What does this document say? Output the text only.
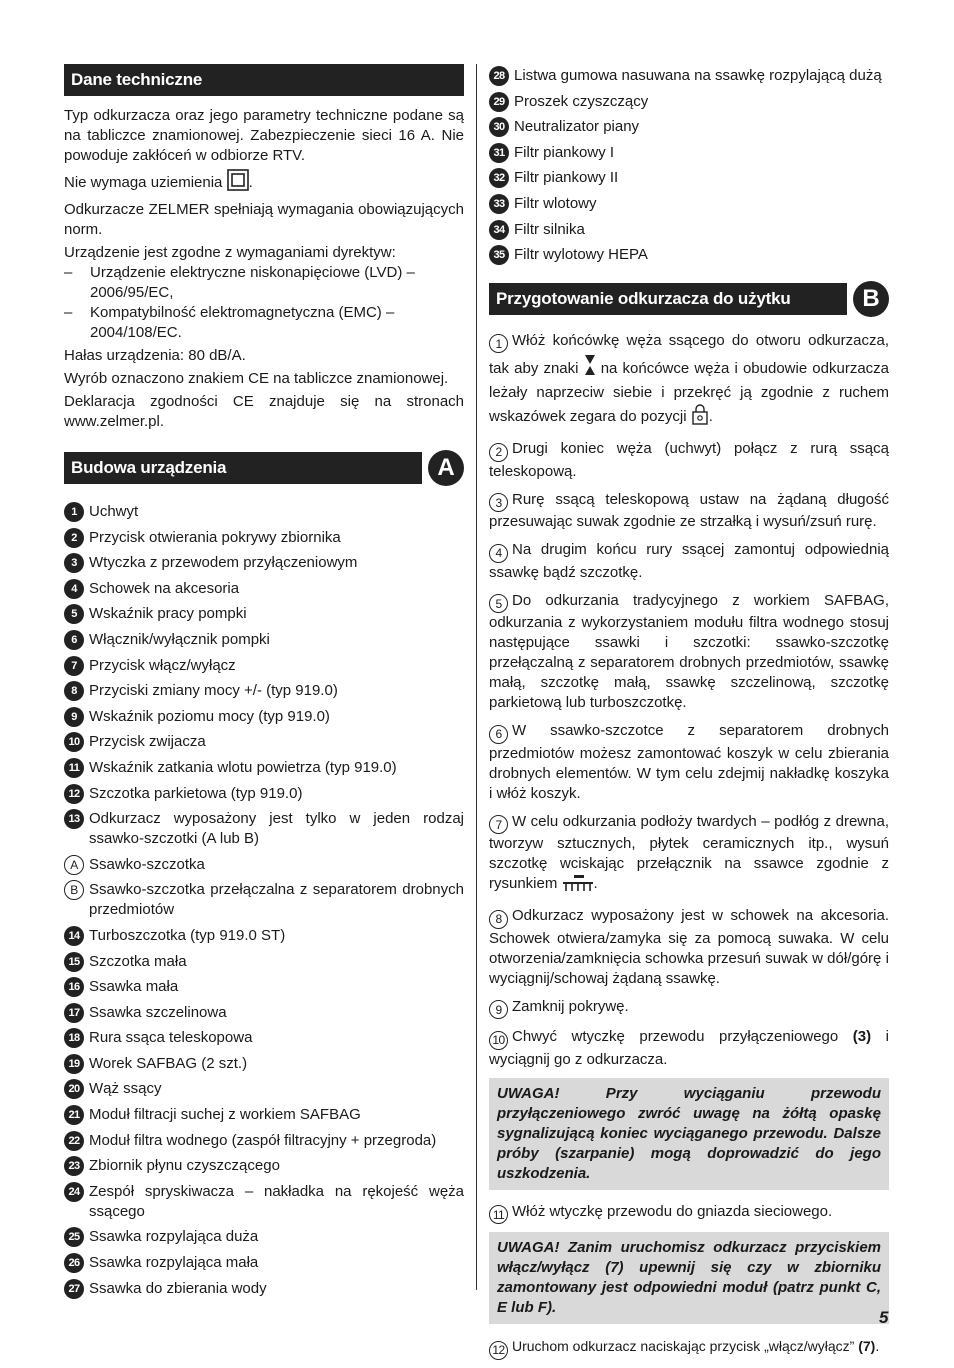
Dane techniczne

Typ odkurzacza oraz jego parametry techniczne podane są na tabliczce znamionowej. Zabezpieczenie sieci 16 A. Nie powoduje zakłóceń w odbiorze RTV.

Nie wymaga uziemienia .

Odkurzacze ZELMER spełniają wymagania obowiązujących norm.

Urządzenie jest zgodne z wymaganiami dyrektyw:

–	Urządzenie elektryczne niskonapięciowe (LVD) – 2006/95/EC,
–	Kompatybilność elektromagnetyczna (EMC) – 2004/108/EC.

Hałas urządzenia: 80 dB/A.

Wyrób oznaczono znakiem CE na tabliczce znamionowej.

Deklaracja zgodności CE znajduje się na stronach www.zelmer.pl.

Budowa urządzenia	A
1 Uchwyt
2 Przycisk otwierania pokrywy zbiornika
3 Wtyczka z przewodem przyłączeniowym
4 Schowek na akcesoria
5 Wskaźnik pracy pompki
6 Włącznik/wyłącznik pompki
7 Przycisk włącz/wyłącz
8 Przyciski zmiany mocy +/- (typ 919.0)
9 Wskaźnik poziomu mocy (typ 919.0)
10 Przycisk zwijacza
11 Wskaźnik zatkania wlotu powietrza (typ 919.0)
12 Szczotka parkietowa (typ 919.0)
13 Odkurzacz wyposażony jest tylko w jeden rodzaj ssawko-szczotki (A lub B)
A Ssawko-szczotka
B Ssawko-szczotka przełączalna z separatorem drobnych przedmiotów
14 Turboszczotka (typ 919.0 ST)
15 Szczotka mała
16 Ssawka mała
17 Ssawka szczelinowa
18 Rura ssąca teleskopowa
19 Worek SAFBAG (2 szt.)
20 Wąż ssący
21 Moduł filtracji suchej z workiem SAFBAG
22 Moduł filtra wodnego (zaspół filtracyjny + przegroda)
23 Zbiornik płynu czyszczącego
24 Zespół spryskiwacza – nakładka na rękojeść węża ssącego
25 Ssawka rozpylająca duża
26 Ssawka rozpylająca mała
27 Ssawka do zbierania wody
28 Listwa gumowa nasuwana na ssawkę rozpylającą dużą
29 Proszek czyszczący
30 Neutralizator piany
31 Filtr piankowy I
32 Filtr piankowy II
33 Filtr wlotowy
34 Filtr silnika
35 Filtr wylotowy HEPA
Przygotowanie odkurzacza do użytku	B
1 Włóż końcówkę węża ssącego do otworu odkurzacza, tak aby znaki na końcówce węża i obudowie odkurzacza leżały naprzeciw siebie i przekręć ją zgodnie z ruchem wskazówek zegara do pozycji .
2 Drugi koniec węża (uchwyt) połącz z rurą ssącą teleskopową.
3 Rurę ssącą teleskopową ustaw na żądaną długość przesuwając suwak zgodnie ze strzałką i wysuń/zsuń rurę.
4 Na drugim końcu rury ssącej zamontuj odpowiednią ssawkę bądź szczotkę.
5 Do odkurzania tradycyjnego z workiem SAFBAG, odkurzania z wykorzystaniem modułu filtra wodnego stosuj następujące ssawki i szczotki: ssawko-szczotkę przełączalną z separatorem drobnych przedmiotów, ssawkę małą, szczotkę małą, ssawkę szczelinową, szczotkę parkietową lub turboszczotkę.
6 W ssawko-szczotce z separatorem drobnych przedmiotów możesz zamontować koszyk w celu zbierania drobnych elementów. W tym celu zdejmij nakładkę koszyka i włóż koszyk.
7 W celu odkurzania podłoży twardych – podłóg z drewna, tworzyw sztucznych, płytek ceramicznych itp., wysuń szczotkę wciskając przełącznik na ssawce zgodnie z rysunkiem .
8 Odkurzacz wyposażony jest w schowek na akcesoria. Schowek otwiera/zamyka się za pomocą suwaka. W celu otworzenia/zamknięcia schowka przesuń suwak w dół/górę i wyciągnij/schowaj żądaną ssawkę.
9 Zamknij pokrywę.
10 Chwyć wtyczkę przewodu przyłączeniowego (3) i wyciągnij go z odkurzacza.
UWAGA! Przy wyciąganiu przewodu przyłączeniowego zwróć uwagę na żółtą opaskę sygnalizującą koniec wyciąganego przewodu. Dalsze próby (szarpanie) mogą doprowadzić do jego uszkodzenia.
11 Włóż wtyczkę przewodu do gniazda sieciowego.
UWAGA! Zanim uruchomisz odkurzacz przyciskiem włącz/wyłącz (7) upewnij się czy w zbiorniku zamontowany jest odpowiedni moduł (patrz punkt C, E lub F).
12 Uruchom odkurzacz naciskając przycisk „włącz/wyłącz” (7).
5
